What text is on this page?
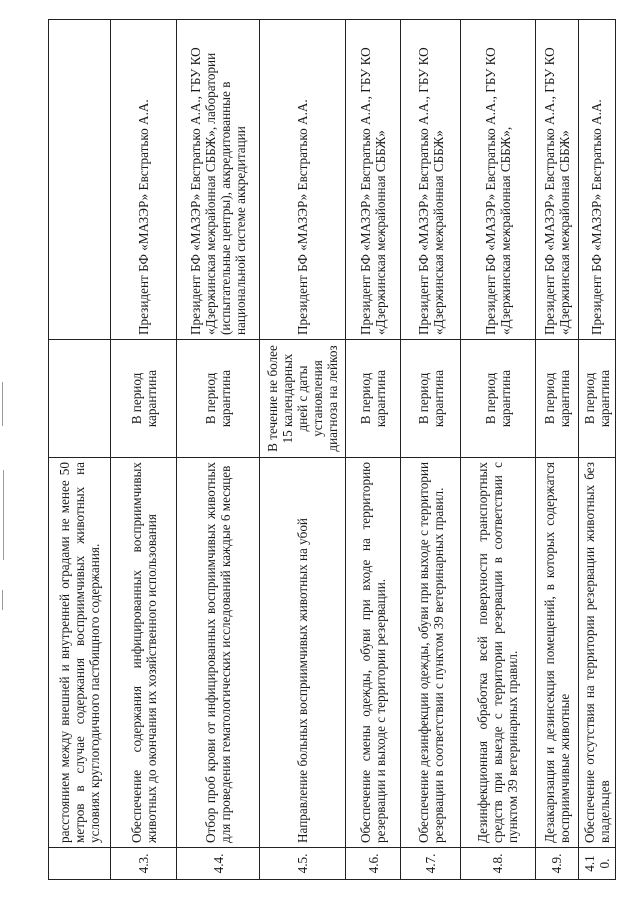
	расстоянием между внешней и внутренней оградами не менее 50 метров в случае содержания восприимчивых животных на условиях круглогодичного пастбищного содержания.		
4.3.	Обеспечение содержания инфицированных восприимчивых животных до окончания их хозяйственного использования	В период карантина	Президент БФ «МАЗЭР» Евстратько А.А.
4.4.	Отбор проб крови от инфицированных восприимчивых животных для проведения гематологических исследований каждые 6 месяцев	В период карантина	Президент БФ «МАЗЭР» Евстратько А.А., ГБУ КО «Дзержинская межрайонная СББЖ», лаборатории (испытательные центры), аккредитованные в национальной системе аккредитации
4.5.	Направление больных восприимчивых животных на убой	В течение не более 15 календарных дней с даты установления диагноза на лейкоз	Президент БФ «МАЗЭР» Евстратько А.А.
4.6.	Обеспечение смены одежды, обуви при входе на территорию резервации и выходе с территории резервации.	В период карантина	Президент БФ «МАЗЭР» Евстратько А.А., ГБУ КО «Дзержинская межрайонная СББЖ»
4.7.	Обеспечение дезинфекции одежды, обуви при выходе с территории резервации в соответствии с пунктом 39 ветеринарных правил.	В период карантина	Президент БФ «МАЗЭР» Евстратько А.А., ГБУ КО «Дзержинская межрайонная СББЖ»
4.8.	Дезинфекционная обработка всей поверхности транспортных средств при выезде с территории резервации в соответствии с пунктом 39 ветеринарных правил.	В период карантина	Президент БФ «МАЗЭР» Евстратько А.А., ГБУ КО «Дзержинская межрайонная СББЖ»,
4.9.	Дезакаризация и дезинсекция помещений, в которых содержатся восприимчивые животные	В период карантина	Президент БФ «МАЗЭР» Евстратько А.А., ГБУ КО «Дзержинская межрайонная СББЖ»
4.10.	Обеспечение отсутствия на территории резервации животных без владельцев	В период карантина	Президент БФ «МАЗЭР» Евстратько А.А.
